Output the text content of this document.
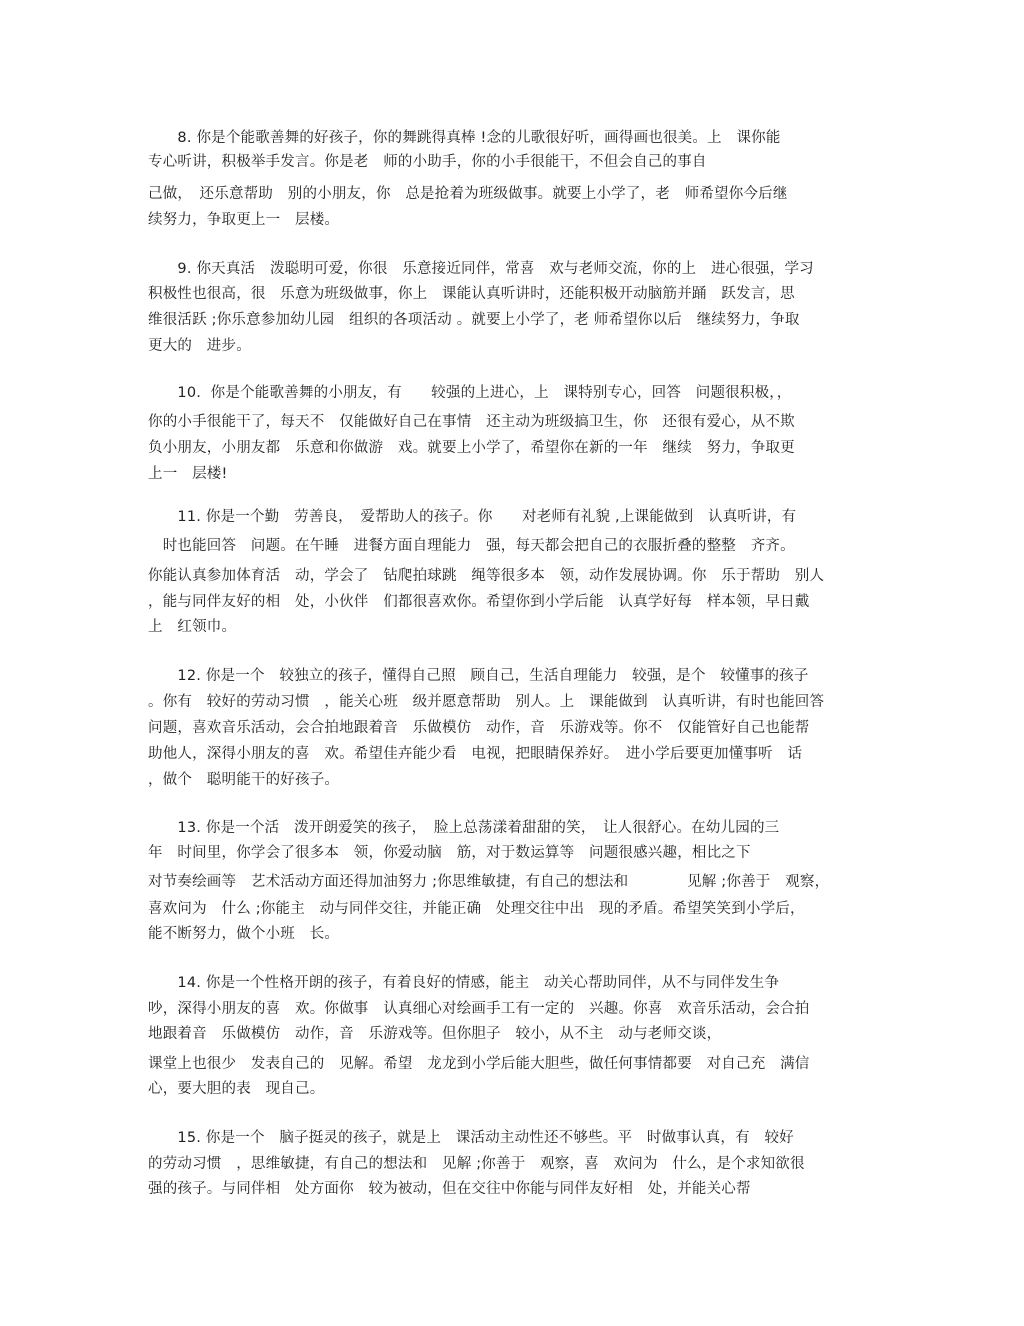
　　8. 你是个能歌善舞的好孩子，你的舞跳得真棒 !念的儿歌很好听，画得画也很美。上　课你能
专心听讲，积极举手发言。你是老　师的小助手，你的小手很能干，不但会自己的事自
己做，　还乐意帮助　别的小朋友，你　总是抢着为班级做事。就要上小学了，老　师希望你今后继
续努力，争取更上一　层楼。
　　9. 你天真活　泼聪明可爱，你很　乐意接近同伴，常喜　欢与老师交流，你的上　进心很强，学习
积极性也很高，很　乐意为班级做事，你上　课能认真听讲时，还能积极开动脑筋并踊　跃发言，思
维很活跃 ;你乐意参加幼儿园　组织的各项活动 。就要上小学了，老 师希望你以后　继续努力，争取
更大的　进步。
　　10.  你是个能歌善舞的小朋友，有　　较强的上进心，上　课特别专心，回答　问题很积极，，
你的小手很能干了，每天不　仅能做好自己在事情　还主动为班级搞卫生，你　还很有爱心，从不欺
负小朋友，小朋友都　乐意和你做游　戏。就要上小学了，希望你在新的一年　继续　努力，争取更
上一　层楼!
　　11. 你是一个勤　劳善良，　爱帮助人的孩子。你　　对老师有礼貌 ,上课能做到　认真听讲，有
　时也能回答　问题。在午睡　进餐方面自理能力　强，每天都会把自己的衣服折叠的整整　齐齐。
你能认真参加体育活　动，学会了　钻爬拍球跳　绳等很多本　领，动作发展协调。你　乐于帮助　别人
，能与同伴友好的相　处，小伙伴　们都很喜欢你。希望你到小学后能　认真学好每　样本领，早日戴
上　红领巾。
　　12. 你是一个　较独立的孩子，懂得自己照　顾自己，生活自理能力　较强，是个　较懂事的孩子
。你有　较好的劳动习惯　，能关心班　级并愿意帮助　别人。上　课能做到　认真听讲，有时也能回答
问题，喜欢音乐活动，会合拍地跟着音　乐做模仿　动作，音　乐游戏等。你不　仅能管好自己也能帮
助他人，深得小朋友的喜　欢。希望佳卉能少看　电视，把眼睛保养好。　进小学后要更加懂事听　话
，做个　聪明能干的好孩子。
　　13. 你是一个活　泼开朗爱笑的孩子，　脸上总荡漾着甜甜的笑，　让人很舒心。在幼儿园的三
年　时间里，你学会了很多本　领，你爱动脑　筋，对于数运算等　问题很感兴趣，相比之下
对节奏绘画等　艺术活动方面还得加油努力 ;你思维敏捷，有自己的想法和　　　　见解 ;你善于　观察，
喜欢问为　什么 ;你能主　动与同伴交往，并能正确　处理交往中出　现的矛盾。希望笑笑到小学后，
能不断努力，做个小班　长。
　　14. 你是一个性格开朗的孩子，有着良好的情感，能主　动关心帮助同伴，从不与同伴发生争
吵，深得小朋友的喜　欢。你做事　认真细心对绘画手工有一定的　兴趣。你喜　欢音乐活动，会合拍
地跟着音　乐做模仿　动作，音　乐游戏等。但你胆子　较小，从不主　动与老师交谈，
课堂上也很少　发表自己的　见解。希望　龙龙到小学后能大胆些，做任何事情都要　对自己充　满信
心，要大胆的表　现自己。
　　15. 你是一个　脑子挺灵的孩子，就是上　课活动主动性还不够些。平　时做事认真，有　较好
的劳动习惯　，思维敏捷，有自己的想法和　见解 ;你善于　观察，喜　欢问为　什么，是个求知欲很
强的孩子。与同伴相　处方面你　较为被动，但在交往中你能与同伴友好相　处，并能关心帮
